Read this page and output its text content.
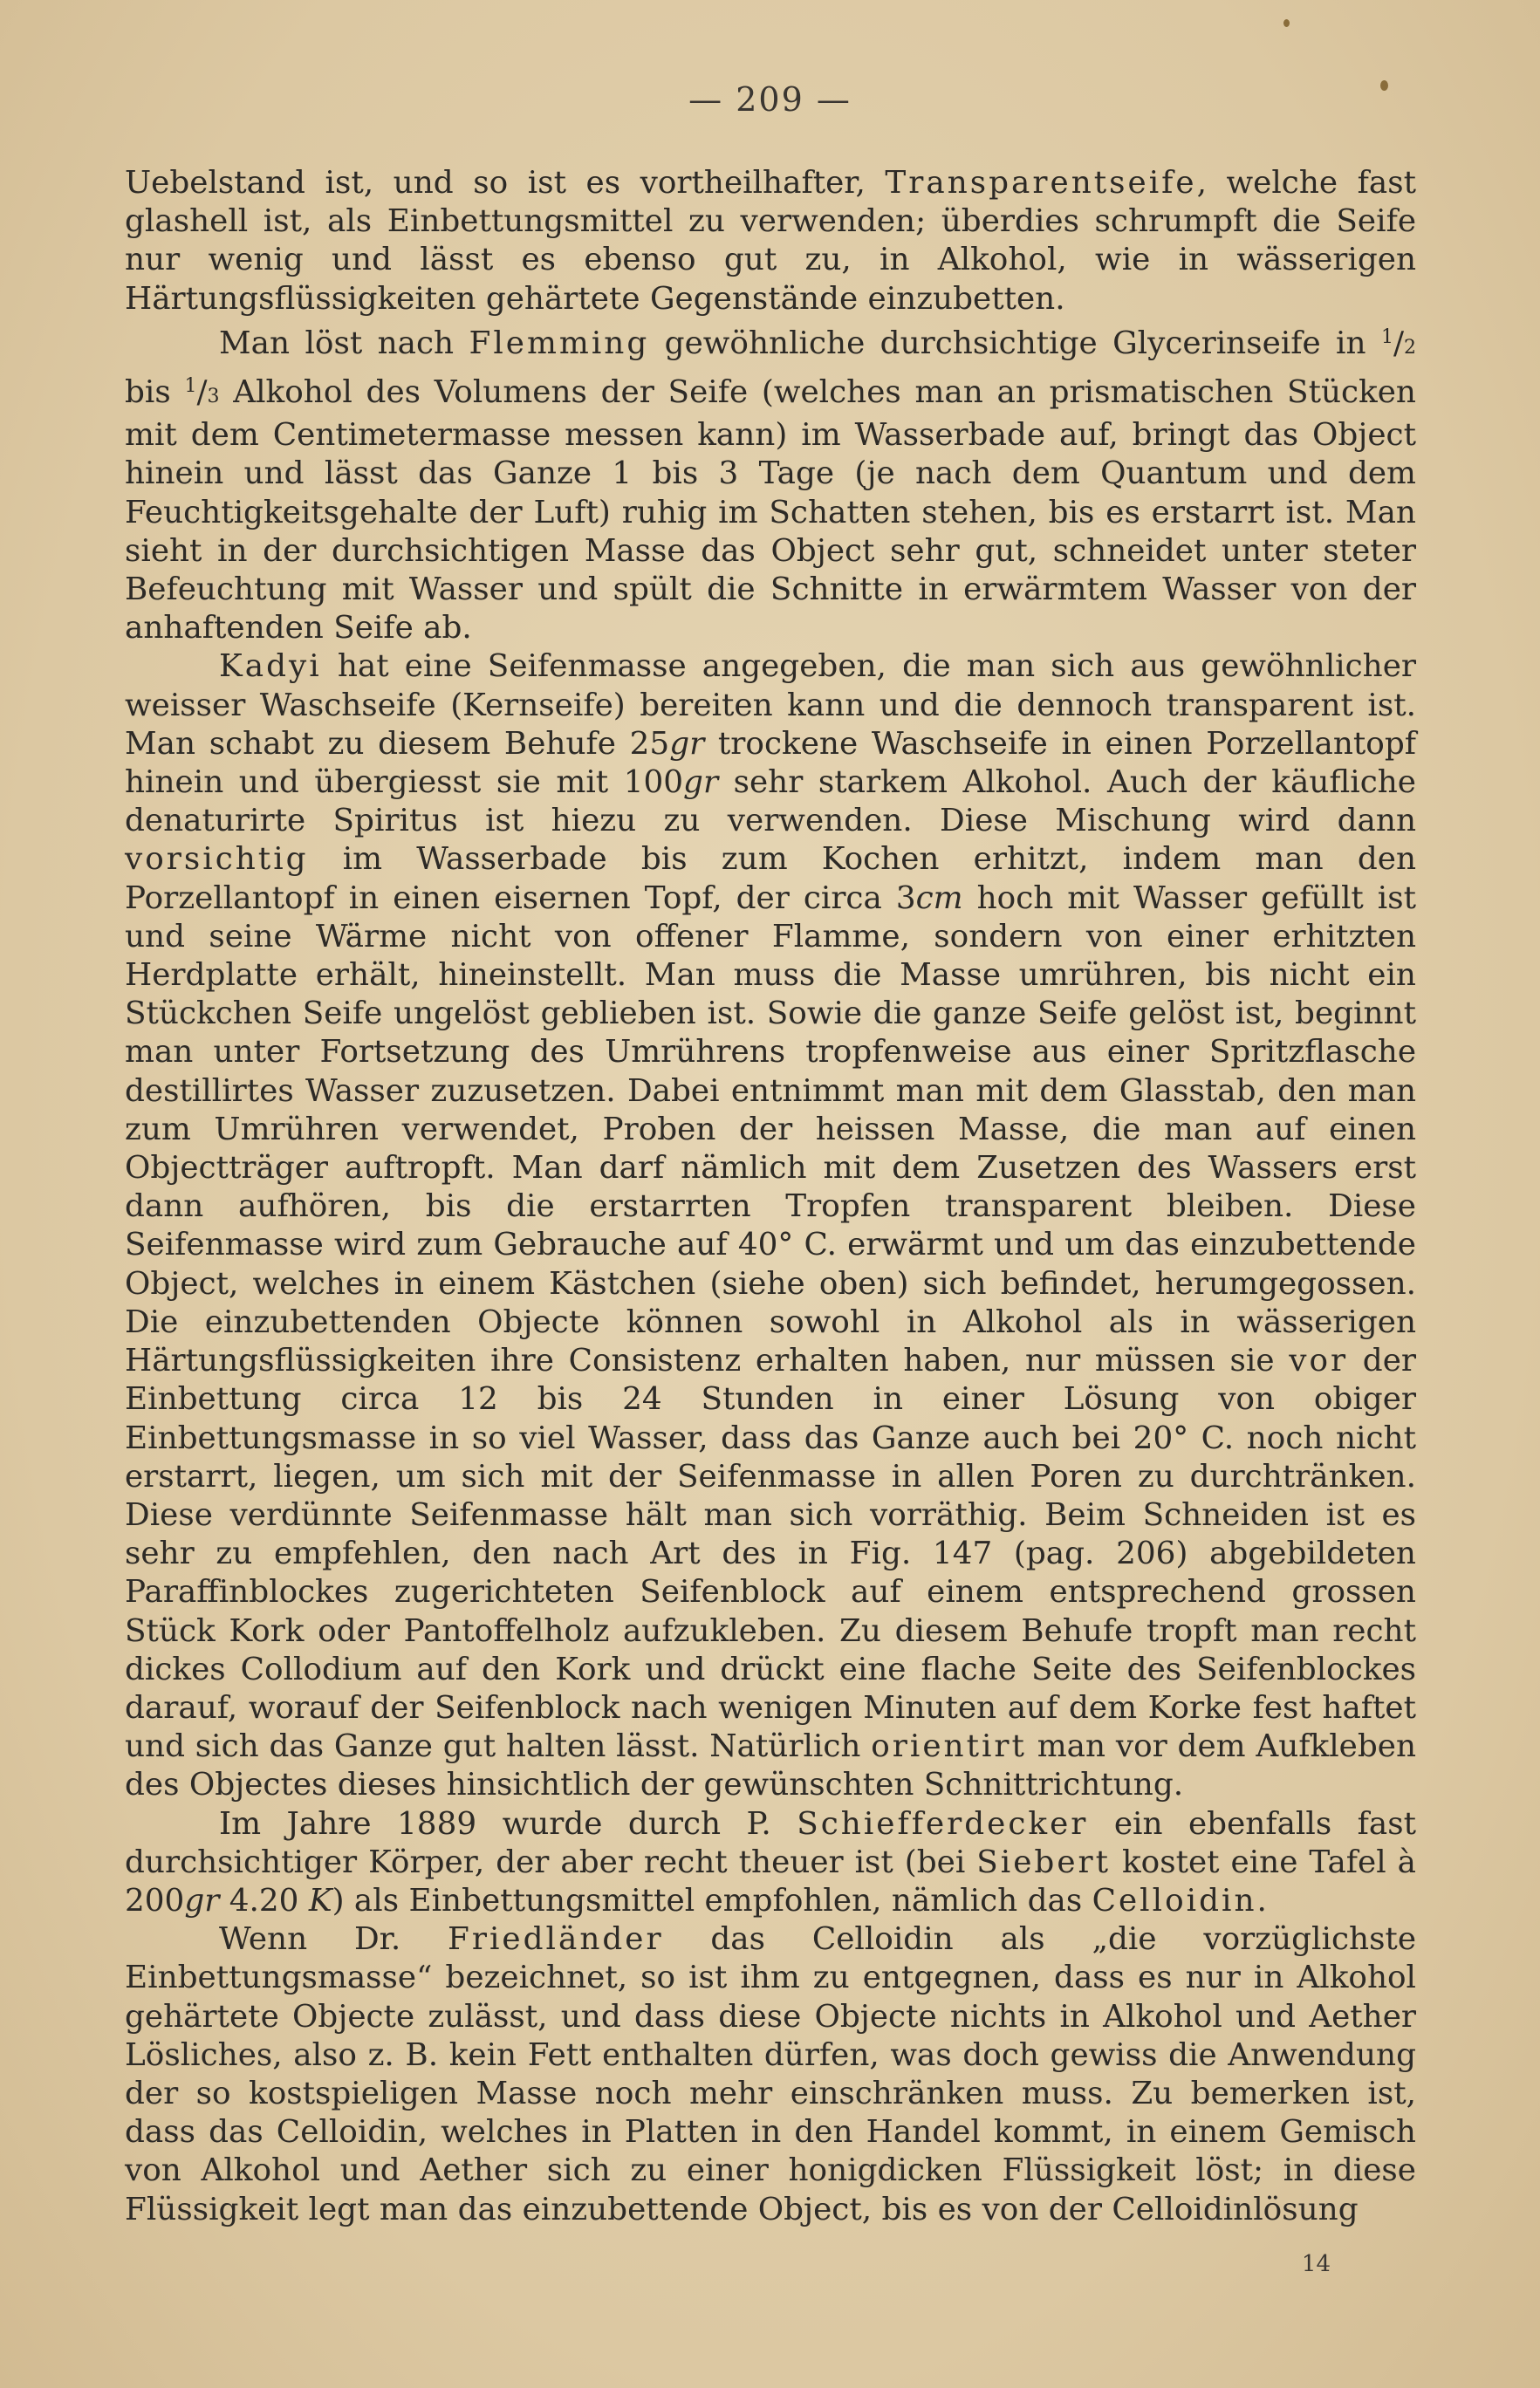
— 209 —

Uebelstand ist, und so ist es vortheilhafter, Transparentseife, welche fast glashell ist, als Einbettungsmittel zu verwenden; überdies schrumpft die Seife nur wenig und lässt es ebenso gut zu, in Alkohol, wie in wässerigen Härtungsflüssigkeiten gehärtete Gegenstände einzubetten.

Man löst nach Flemming gewöhnliche durchsichtige Glycerinseife in $^1$/2 bis $^1$/3 Alkohol des Volumens der Seife (welches man an prismatischen Stücken mit dem Centimetermasse messen kann) im Wasserbade auf, bringt das Object hinein und lässt das Ganze 1 bis 3 Tage (je nach dem Quantum und dem Feuchtigkeitsgehalte der Luft) ruhig im Schatten stehen, bis es erstarrt ist. Man sieht in der durchsichtigen Masse das Object sehr gut, schneidet unter steter Befeuchtung mit Wasser und spült die Schnitte in erwärmtem Wasser von der anhaftenden Seife ab.

Kadyi hat eine Seifenmasse angegeben, die man sich aus gewöhnlicher weisser Waschseife (Kernseife) bereiten kann und die dennoch transparent ist. Man schabt zu diesem Behufe 25gr trockene Waschseife in einen Porzellantopf hinein und übergiesst sie mit 100gr sehr starkem Alkohol. Auch der käufliche denaturirte Spiritus ist hiezu zu verwenden. Diese Mischung wird dann vorsichtig im Wasserbade bis zum Kochen erhitzt, indem man den Porzellantopf in einen eisernen Topf, der circa 3cm hoch mit Wasser gefüllt ist und seine Wärme nicht von offener Flamme, sondern von einer erhitzten Herdplatte erhält, hineinstellt. Man muss die Masse umrühren, bis nicht ein Stückchen Seife ungelöst geblieben ist. Sowie die ganze Seife gelöst ist, beginnt man unter Fortsetzung des Umrührens tropfenweise aus einer Spritzflasche destillirtes Wasser zuzusetzen. Dabei entnimmt man mit dem Glasstab, den man zum Umrühren verwendet, Proben der heissen Masse, die man auf einen Objectträger auftropft. Man darf nämlich mit dem Zusetzen des Wassers erst dann aufhören, bis die erstarrten Tropfen transparent bleiben. Diese Seifenmasse wird zum Gebrauche auf 40° C. erwärmt und um das einzubettende Object, welches in einem Kästchen (siehe oben) sich befindet, herumgegossen. Die einzubettenden Objecte können sowohl in Alkohol als in wässerigen Härtungsflüssigkeiten ihre Consistenz erhalten haben, nur müssen sie vor der Einbettung circa 12 bis 24 Stunden in einer Lösung von obiger Einbettungsmasse in so viel Wasser, dass das Ganze auch bei 20° C. noch nicht erstarrt, liegen, um sich mit der Seifenmasse in allen Poren zu durchtränken. Diese verdünnte Seifenmasse hält man sich vorräthig. Beim Schneiden ist es sehr zu empfehlen, den nach Art des in Fig. 147 (pag. 206) abgebildeten Paraffinblockes zugerichteten Seifenblock auf einem entsprechend grossen Stück Kork oder Pantoffelholz aufzukleben. Zu diesem Behufe tropft man recht dickes Collodium auf den Kork und drückt eine flache Seite des Seifenblockes darauf, worauf der Seifenblock nach wenigen Minuten auf dem Korke fest haftet und sich das Ganze gut halten lässt. Natürlich orientirt man vor dem Aufkleben des Objectes dieses hinsichtlich der gewünschten Schnittrichtung.

Im Jahre 1889 wurde durch P. Schiefferdecker ein ebenfalls fast durchsichtiger Körper, der aber recht theuer ist (bei Siebert kostet eine Tafel à 200gr 4.20 K) als Einbettungsmittel empfohlen, nämlich das Celloidin.

Wenn Dr. Friedländer das Celloidin als „die vorzüglichste Einbettungsmasse“ bezeichnet, so ist ihm zu entgegnen, dass es nur in Alkohol gehärtete Objecte zulässt, und dass diese Objecte nichts in Alkohol und Aether Lösliches, also z. B. kein Fett enthalten dürfen, was doch gewiss die Anwendung der so kostspieligen Masse noch mehr einschränken muss. Zu bemerken ist, dass das Celloidin, welches in Platten in den Handel kommt, in einem Gemisch von Alkohol und Aether sich zu einer honigdicken Flüssigkeit löst; in diese Flüssigkeit legt man das einzubettende Object, bis es von der Celloidinlösung

14
